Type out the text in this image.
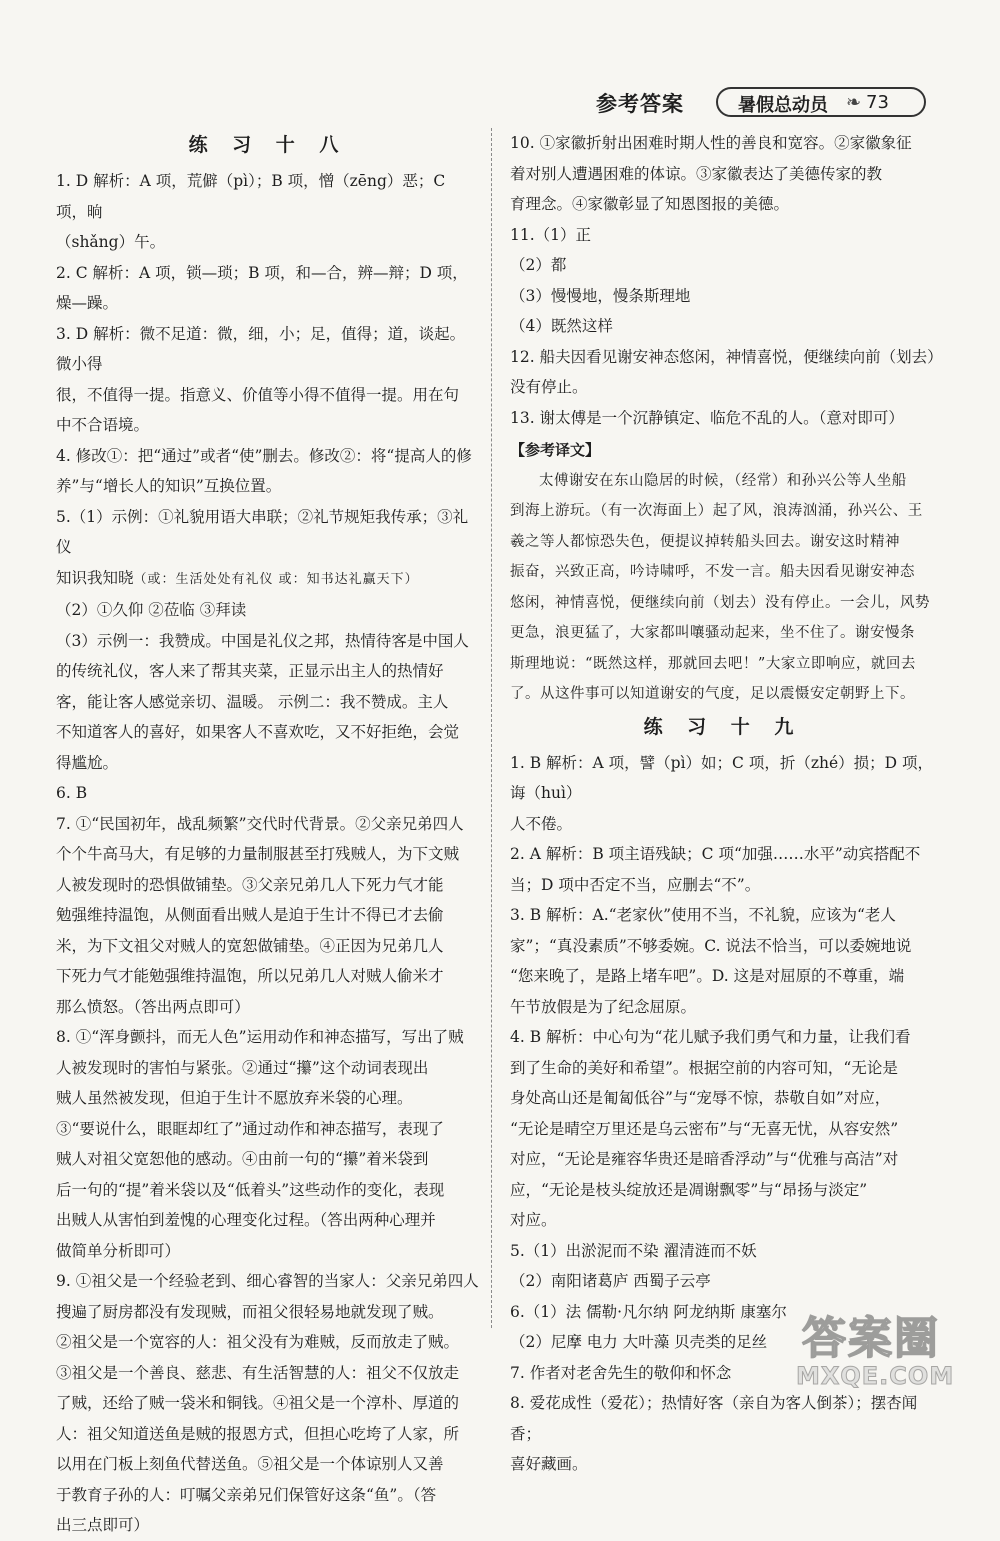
参考答案	暑假总动员 ❧ 73
练 习 十 八
1. D 解析：A 项，荒僻（pì）；B 项，憎（zēng）恶；C 项，晌
（shǎng）午。
2. C 解析：A 项，锁—琐；B 项，和—合，辨—辩；D 项，燥—躁。
3. D 解析：微不足道：微，细，小；足，值得；道，谈起。微小得
很，不值得一提。指意义、价值等小得不值得一提。用在句
中不合语境。
4. 修改①：把“通过”或者“使”删去。修改②：将“提高人的修
养”与“增长人的知识”互换位置。
5.（1）示例：①礼貌用语大串联；②礼节规矩我传承；③礼仪
知识我知晓（或：生活处处有礼仪 或：知书达礼赢天下）
（2）①久仰 ②莅临 ③拜读
（3）示例一：我赞成。中国是礼仪之邦，热情待客是中国人
的传统礼仪，客人来了帮其夹菜，正显示出主人的热情好
客，能让客人感觉亲切、温暖。 示例二：我不赞成。主人
不知道客人的喜好，如果客人不喜欢吃，又不好拒绝，会觉
得尴尬。
6. B
7. ①“民国初年，战乱频繁”交代时代背景。②父亲兄弟四人
个个牛高马大，有足够的力量制服甚至打残贼人，为下文贼
人被发现时的恐惧做铺垫。③父亲兄弟几人下死力气才能
勉强维持温饱，从侧面看出贼人是迫于生计不得已才去偷
米，为下文祖父对贼人的宽恕做铺垫。④正因为兄弟几人
下死力气才能勉强维持温饱，所以兄弟几人对贼人偷米才
那么愤怒。（答出两点即可）
8. ①“浑身颤抖，而无人色”运用动作和神态描写，写出了贼
人被发现时的害怕与紧张。②通过“攥”这个动词表现出
贼人虽然被发现，但迫于生计不愿放弃米袋的心理。
③“要说什么，眼眶却红了”通过动作和神态描写，表现了
贼人对祖父宽恕他的感动。④由前一句的“攥”着米袋到
后一句的“提”着米袋以及“低着头”这些动作的变化，表现
出贼人从害怕到羞愧的心理变化过程。（答出两种心理并
做简单分析即可）
9. ①祖父是一个经验老到、细心睿智的当家人：父亲兄弟四人
搜遍了厨房都没有发现贼，而祖父很轻易地就发现了贼。
②祖父是一个宽容的人：祖父没有为难贼，反而放走了贼。
③祖父是一个善良、慈悲、有生活智慧的人：祖父不仅放走
了贼，还给了贼一袋米和铜钱。④祖父是一个淳朴、厚道的
人：祖父知道送鱼是贼的报恩方式，但担心吃垮了人家，所
以用在门板上刻鱼代替送鱼。⑤祖父是一个体谅别人又善
于教育子孙的人：叮嘱父亲弟兄们保管好这条“鱼”。（答
出三点即可）
10. ①家徽折射出困难时期人性的善良和宽容。②家徽象征
着对别人遭遇困难的体谅。③家徽表达了美德传家的教
育理念。④家徽彰显了知恩图报的美德。
11.（1）正
（2）都
（3）慢慢地，慢条斯理地
（4）既然这样
12. 船夫因看见谢安神态悠闲，神情喜悦，便继续向前（划去）
没有停止。
13. 谢太傅是一个沉静镇定、临危不乱的人。（意对即可）
【参考译文】
太傅谢安在东山隐居的时候，（经常）和孙兴公等人坐船
到海上游玩。（有一次海面上）起了风，浪涛汹涌，孙兴公、王
羲之等人都惊恐失色，便提议掉转船头回去。谢安这时精神
振奋，兴致正高，吟诗啸呼，不发一言。船夫因看见谢安神态
悠闲，神情喜悦，便继续向前（划去）没有停止。一会儿，风势
更急，浪更猛了，大家都叫嚷骚动起来，坐不住了。谢安慢条
斯理地说：“既然这样，那就回去吧！”大家立即响应，就回去
了。从这件事可以知道谢安的气度，足以震慑安定朝野上下。
练 习 十 九
1. B 解析：A 项，譬（pì）如；C 项，折（zhé）损；D 项，诲（huì）
人不倦。
2. A 解析：B 项主语残缺；C 项“加强……水平”动宾搭配不
当；D 项中否定不当，应删去“不”。
3. B 解析：A.“老家伙”使用不当，不礼貌，应该为“老人
家”；“真没素质”不够委婉。C. 说法不恰当，可以委婉地说
“您来晚了，是路上堵车吧”。D. 这是对屈原的不尊重，端
午节放假是为了纪念屈原。
4. B 解析：中心句为“花儿赋予我们勇气和力量，让我们看
到了生命的美好和希望”。根据空前的内容可知，“无论是
身处高山还是匍匐低谷”与“宠辱不惊，恭敬自如”对应，
“无论是晴空万里还是乌云密布”与“无喜无忧，从容安然”
对应，“无论是雍容华贵还是暗香浮动”与“优雅与高洁”对
应，“无论是枝头绽放还是凋谢飘零”与“昂扬与淡定”
对应。
5.（1）出淤泥而不染 濯清涟而不妖
（2）南阳诸葛庐 西蜀子云亭
6.（1）法 儒勒·凡尔纳 阿龙纳斯 康塞尔
（2）尼摩 电力 大叶藻 贝壳类的足丝
7. 作者对老舍先生的敬仰和怀念
8. 爱花成性（爱花）；热情好客（亲自为客人倒茶）；摆杏闻香；
喜好藏画。
答案圈
MXQE.COM
